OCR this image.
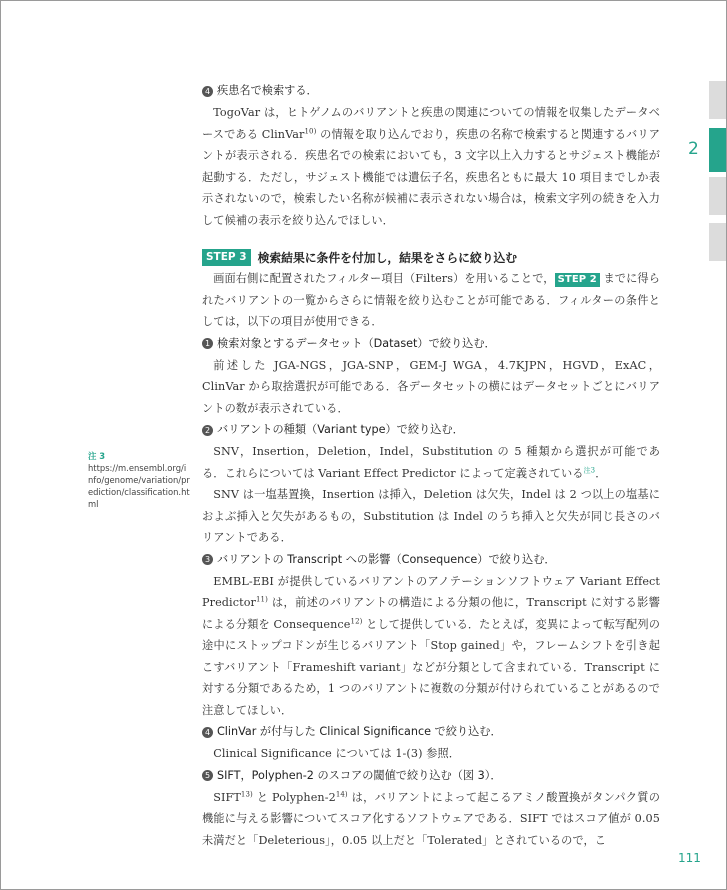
2
注 3
https://m.ensembl.org/info/genome/variation/prediction/classification.html
4 疾患名で検索する．

TogoVar は，ヒトゲノムのバリアントと疾患の関連についての情報を収集したデータベースである ClinVar$^{10)}$ の情報を取り込んでおり，疾患の名称で検索すると関連するバリアントが表示される．疾患名での検索においても，3 文字以上入力するとサジェスト機能が起動する．ただし，サジェスト機能では遺伝子名，疾患名ともに最大 10 項目までしか表示されないので，検索したい名称が候補に表示されない場合は，検索文字列の続きを入力して候補の表示を絞り込んでほしい．

STEP 3 検索結果に条件を付加し，結果をさらに絞り込む

画面右側に配置されたフィルター項目（Filters）を用いることで， STEP 2 までに得られたバリアントの一覧からさらに情報を絞り込むことが可能である．フィルターの条件としては，以下の項目が使用できる．

1 検索対象とするデータセット（Dataset）で絞り込む．

前述した JGA-NGS，JGA-SNP，GEM-J WGA，4.7KJPN，HGVD，ExAC，ClinVar から取捨選択が可能である．各データセットの横にはデータセットごとにバリアントの数が表示されている．

2 バリアントの種類（Variant type）で絞り込む．

SNV，Insertion，Deletion，Indel，Substitution の 5 種類から選択が可能である．これらについては Variant Effect Predictor によって定義されている$^{注3}$．

SNV は一塩基置換，Insertion は挿入，Deletion は欠失，Indel は 2 つ以上の塩基におよぶ挿入と欠失があるもの，Substitution は Indel のうち挿入と欠失が同じ長さのバリアントである．

3 バリアントの Transcript への影響（Consequence）で絞り込む．

EMBL-EBI が提供しているバリアントのアノテーションソフトウェア Variant Effect Predictor$^{11)}$ は，前述のバリアントの構造による分類の他に，Transcript に対する影響による分類を Consequence$^{12)}$ として提供している．たとえば，変異によって転写配列の途中にストップコドンが生じるバリアント「Stop gained」や，フレームシフトを引き起こすバリアント「Frameshift variant」などが分類として含まれている．Transcript に対する分類であるため，1 つのバリアントに複数の分類が付けられていることがあるので注意してほしい．

4 ClinVar が付与した Clinical Significance で絞り込む．

Clinical Significance については 1-(3) 参照．

5 SIFT，Polyphen-2 のスコアの閾値で絞り込む（図 3）．

SIFT$^{13)}$ と Polyphen-2$^{14)}$ は，バリアントによって起こるアミノ酸置換がタンパク質の機能に与える影響についてスコア化するソフトウェアである．SIFT ではスコア値が 0.05 未満だと「Deleterious」，0.05 以上だと「Tolerated」とされているので，こ

111
